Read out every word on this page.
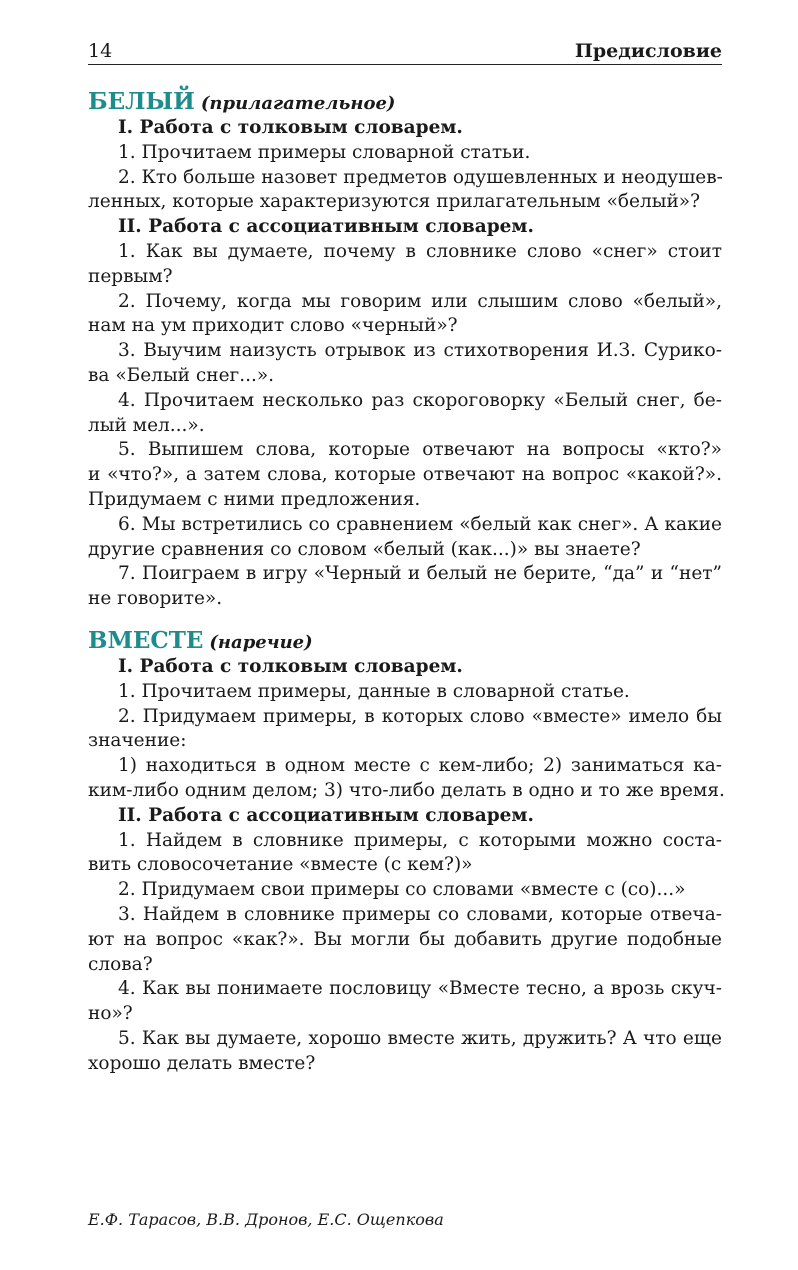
14	Предисловие
БЕЛЫЙ (прилагательное)
I. Работа с толковым словарем.
1. Прочитаем примеры словарной статьи.
2. Кто больше назовет предметов одушевленных и неодушев-
ленных, которые характеризуются прилагательным «белый»?
II. Работа с ассоциативным словарем.
1. Как вы думаете, почему в словнике слово «снег» стоит
первым?
2. Почему, когда мы говорим или слышим слово «белый»,
нам на ум приходит слово «черный»?
3. Выучим наизусть отрывок из стихотворения И.З. Сурико-
ва «Белый снег...».
4. Прочитаем несколько раз скороговорку «Белый снег, бе-
лый мел...».
5. Выпишем слова, которые отвечают на вопросы «кто?»
и «что?», а затем слова, которые отвечают на вопрос «какой?».
Придумаем с ними предложения.
6. Мы встретились со сравнением «белый как снег». А какие
другие сравнения со словом «белый (как...)» вы знаете?
7. Поиграем в игру «Черный и белый не берите, “да” и “нет”
не говорите».
ВМЕСТЕ (наречие)
I. Работа с толковым словарем.
1. Прочитаем примеры, данные в словарной статье.
2. Придумаем примеры, в которых слово «вместе» имело бы
значение:
1) находиться в одном месте с кем-либо; 2) заниматься ка-
ким-либо одним делом; 3) что-либо делать в одно и то же время.
II. Работа с ассоциативным словарем.
1. Найдем в словнике примеры, с которыми можно соста-
вить словосочетание «вместе (с кем?)»
2. Придумаем свои примеры со словами «вместе с (со)...»
3. Найдем в словнике примеры со словами, которые отвеча-
ют на вопрос «как?». Вы могли бы добавить другие подобные
слова?
4. Как вы понимаете пословицу «Вместе тесно, а врозь скуч-
но»?
5. Как вы думаете, хорошо вместе жить, дружить? А что еще
хорошо делать вместе?
Е.Ф. Тарасов, В.В. Дронов, Е.С. Ощепкова
